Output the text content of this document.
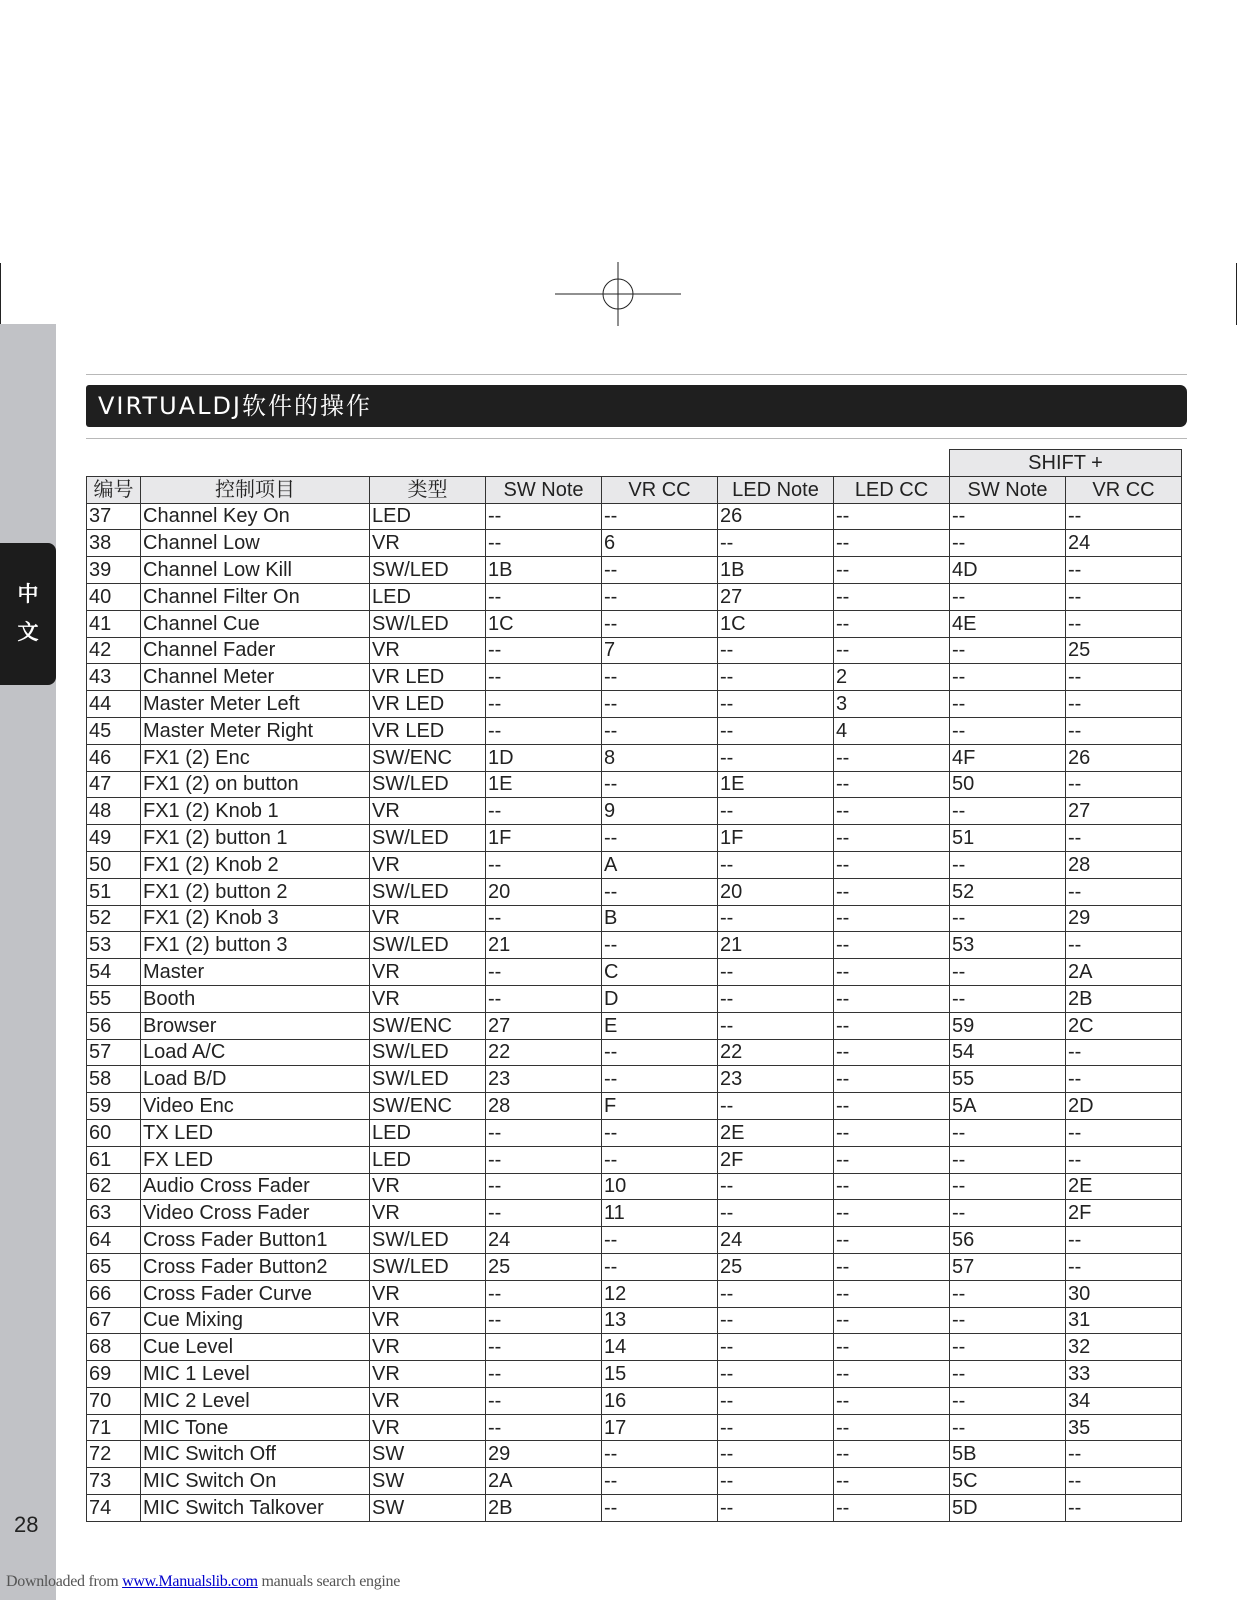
中
文
28
VIRTUALDJ软件的操作
							SHIFT +	
编号	控制项目	类型	SW Note	VR CC	LED Note	LED CC	SW Note	VR CC
37	Channel Key On	LED	--	--	26	--	--	--
38	Channel Low	VR	--	6	--	--	--	24
39	Channel Low Kill	SW/LED	1B	--	1B	--	4D	--
40	Channel Filter On	LED	--	--	27	--	--	--
41	Channel Cue	SW/LED	1C	--	1C	--	4E	--
42	Channel Fader	VR	--	7	--	--	--	25
43	Channel Meter	VR LED	--	--	--	2	--	--
44	Master Meter Left	VR LED	--	--	--	3	--	--
45	Master Meter Right	VR LED	--	--	--	4	--	--
46	FX1 (2) Enc	SW/ENC	1D	8	--	--	4F	26
47	FX1 (2) on button	SW/LED	1E	--	1E	--	50	--
48	FX1 (2) Knob 1	VR	--	9	--	--	--	27
49	FX1 (2) button 1	SW/LED	1F	--	1F	--	51	--
50	FX1 (2) Knob 2	VR	--	A	--	--	--	28
51	FX1 (2) button 2	SW/LED	20	--	20	--	52	--
52	FX1 (2) Knob 3	VR	--	B	--	--	--	29
53	FX1 (2) button 3	SW/LED	21	--	21	--	53	--
54	Master	VR	--	C	--	--	--	2A
55	Booth	VR	--	D	--	--	--	2B
56	Browser	SW/ENC	27	E	--	--	59	2C
57	Load A/C	SW/LED	22	--	22	--	54	--
58	Load B/D	SW/LED	23	--	23	--	55	--
59	Video Enc	SW/ENC	28	F	--	--	5A	2D
60	TX LED	LED	--	--	2E	--	--	--
61	FX LED	LED	--	--	2F	--	--	--
62	Audio Cross Fader	VR	--	10	--	--	--	2E
63	Video Cross Fader	VR	--	11	--	--	--	2F
64	Cross Fader Button1	SW/LED	24	--	24	--	56	--
65	Cross Fader Button2	SW/LED	25	--	25	--	57	--
66	Cross Fader Curve	VR	--	12	--	--	--	30
67	Cue Mixing	VR	--	13	--	--	--	31
68	Cue Level	VR	--	14	--	--	--	32
69	MIC 1 Level	VR	--	15	--	--	--	33
70	MIC 2 Level	VR	--	16	--	--	--	34
71	MIC Tone	VR	--	17	--	--	--	35
72	MIC Switch Off	SW	29	--	--	--	5B	--
73	MIC Switch On	SW	2A	--	--	--	5C	--
74	MIC Switch Talkover	SW	2B	--	--	--	5D	--
Downloaded from www.Manualslib.com manuals search engine
